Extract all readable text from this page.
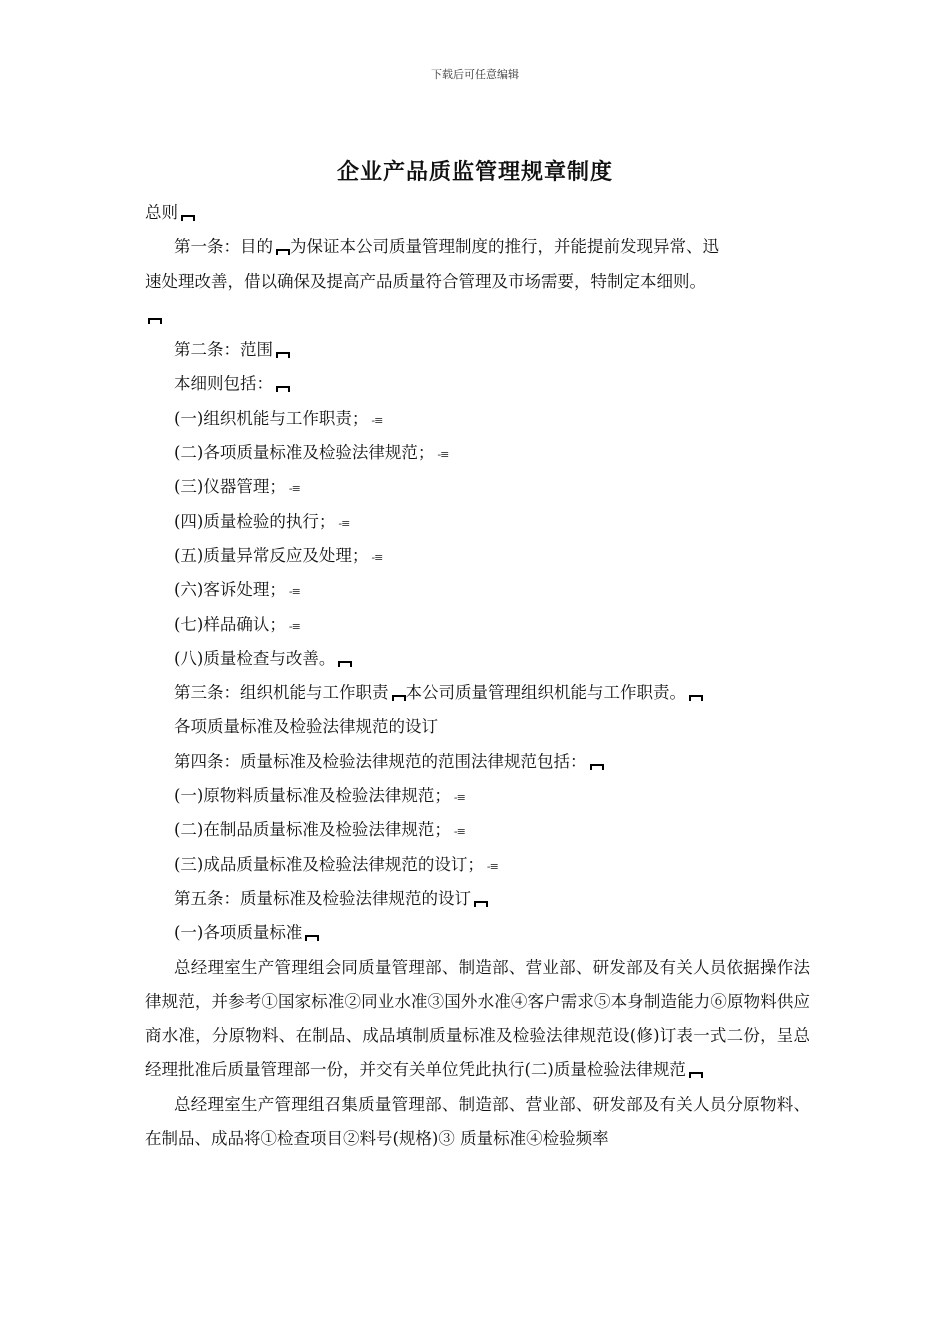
下载后可任意编辑
企业产品质监管理规章制度
总则
第一条：目的 为保证本公司质量管理制度的推行，并能提前发现异常、迅
速处理改善，借以确保及提高产品质量符合管理及市场需要，特制定本细则。
第二条：范围
本细则包括：
(一)组织机能与工作职责； -≡
(二)各项质量标准及检验法律规范； -≡
(三)仪器管理； -≡
(四)质量检验的执行； -≡
(五)质量异常反应及处理； -≡
(六)客诉处理； -≡
(七)样品确认； -≡
(八)质量检查与改善。
第三条：组织机能与工作职责 本公司质量管理组织机能与工作职责。
各项质量标准及检验法律规范的设订
第四条：质量标准及检验法律规范的范围法律规范包括：
(一)原物料质量标准及检验法律规范； -≡
(二)在制品质量标准及检验法律规范； -≡
(三)成品质量标准及检验法律规范的设订； -≡
第五条：质量标准及检验法律规范的设订
(一)各项质量标准
总经理室生产管理组会同质量管理部、制造部、营业部、研发部及有关人员依据操作法律规范，并参考①国家标准②同业水准③国外水准④客户需求⑤本身制造能力⑥原物料供应商水准，分原物料、在制品、成品填制质量标准及检验法律规范设(修)订表一式二份，呈总经理批准后质量管理部一份，并交有关单位凭此执行(二)质量检验法律规范
总经理室生产管理组召集质量管理部、制造部、营业部、研发部及有关人员分原物料、在制品、成品将①检查项目②料号(规格)③ 质量标准④检验频率
